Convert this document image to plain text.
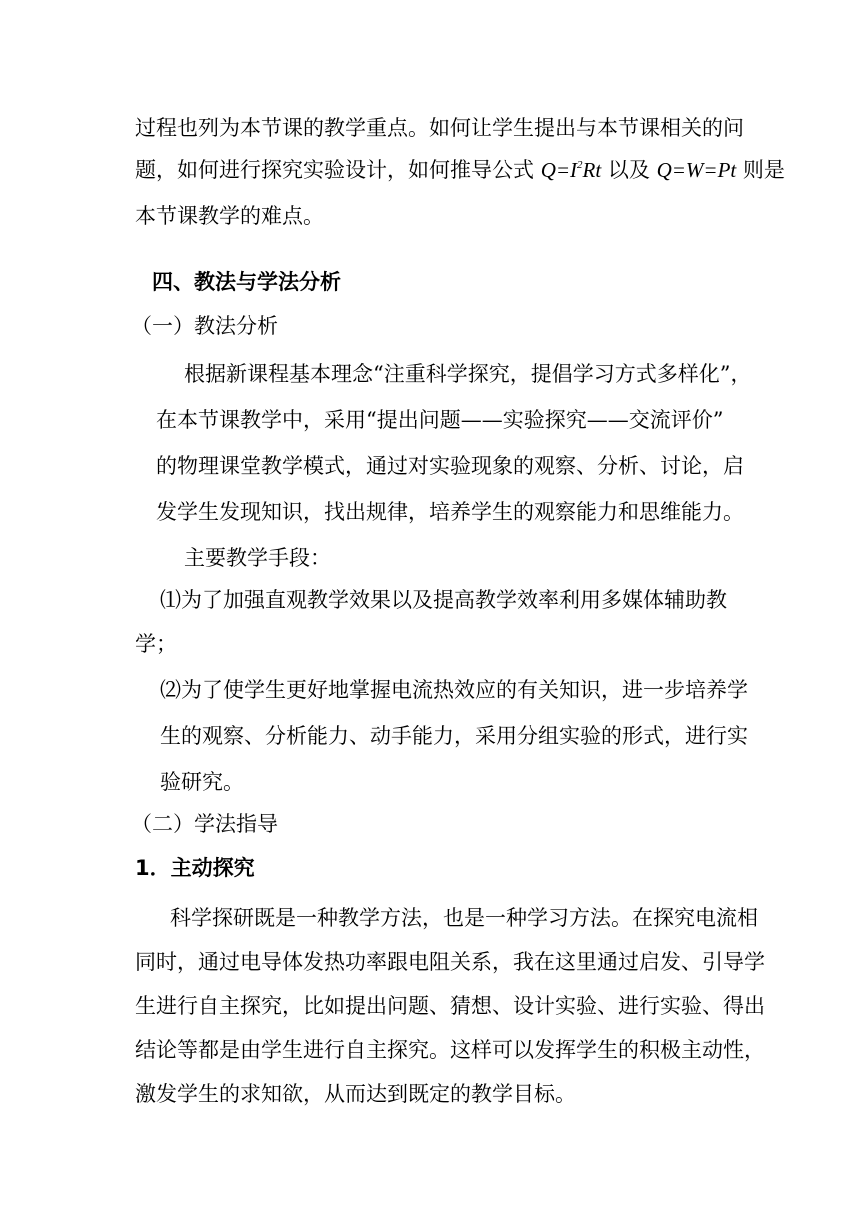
过程也列为本节课的教学重点。如何让学生提出与本节课相关的问
题，如何进行探究实验设计，如何推导公式 $Q=I^2Rt$ 以及 Q=W=Pt 则是
本节课教学的难点。
四、教法与学法分析
（一）教法分析
根据新课程基本理念“注重科学探究，提倡学习方式多样化”，
在本节课教学中，采用“提出问题——实验探究——交流评价”
的物理课堂教学模式，通过对实验现象的观察、分析、讨论，启
发学生发现知识，找出规律，培养学生的观察能力和思维能力。
主要教学手段：
⑴为了加强直观教学效果以及提高教学效率利用多媒体辅助教
学；
⑵为了使学生更好地掌握电流热效应的有关知识，进一步培养学
生的观察、分析能力、动手能力，采用分组实验的形式，进行实
验研究。
（二）学法指导
1．主动探究
科学探研既是一种教学方法，也是一种学习方法。在探究电流相
同时，通过电导体发热功率跟电阻关系，我在这里通过启发、引导学
生进行自主探究，比如提出问题、猜想、设计实验、进行实验、得出
结论等都是由学生进行自主探究。这样可以发挥学生的积极主动性，
激发学生的求知欲，从而达到既定的教学目标。
